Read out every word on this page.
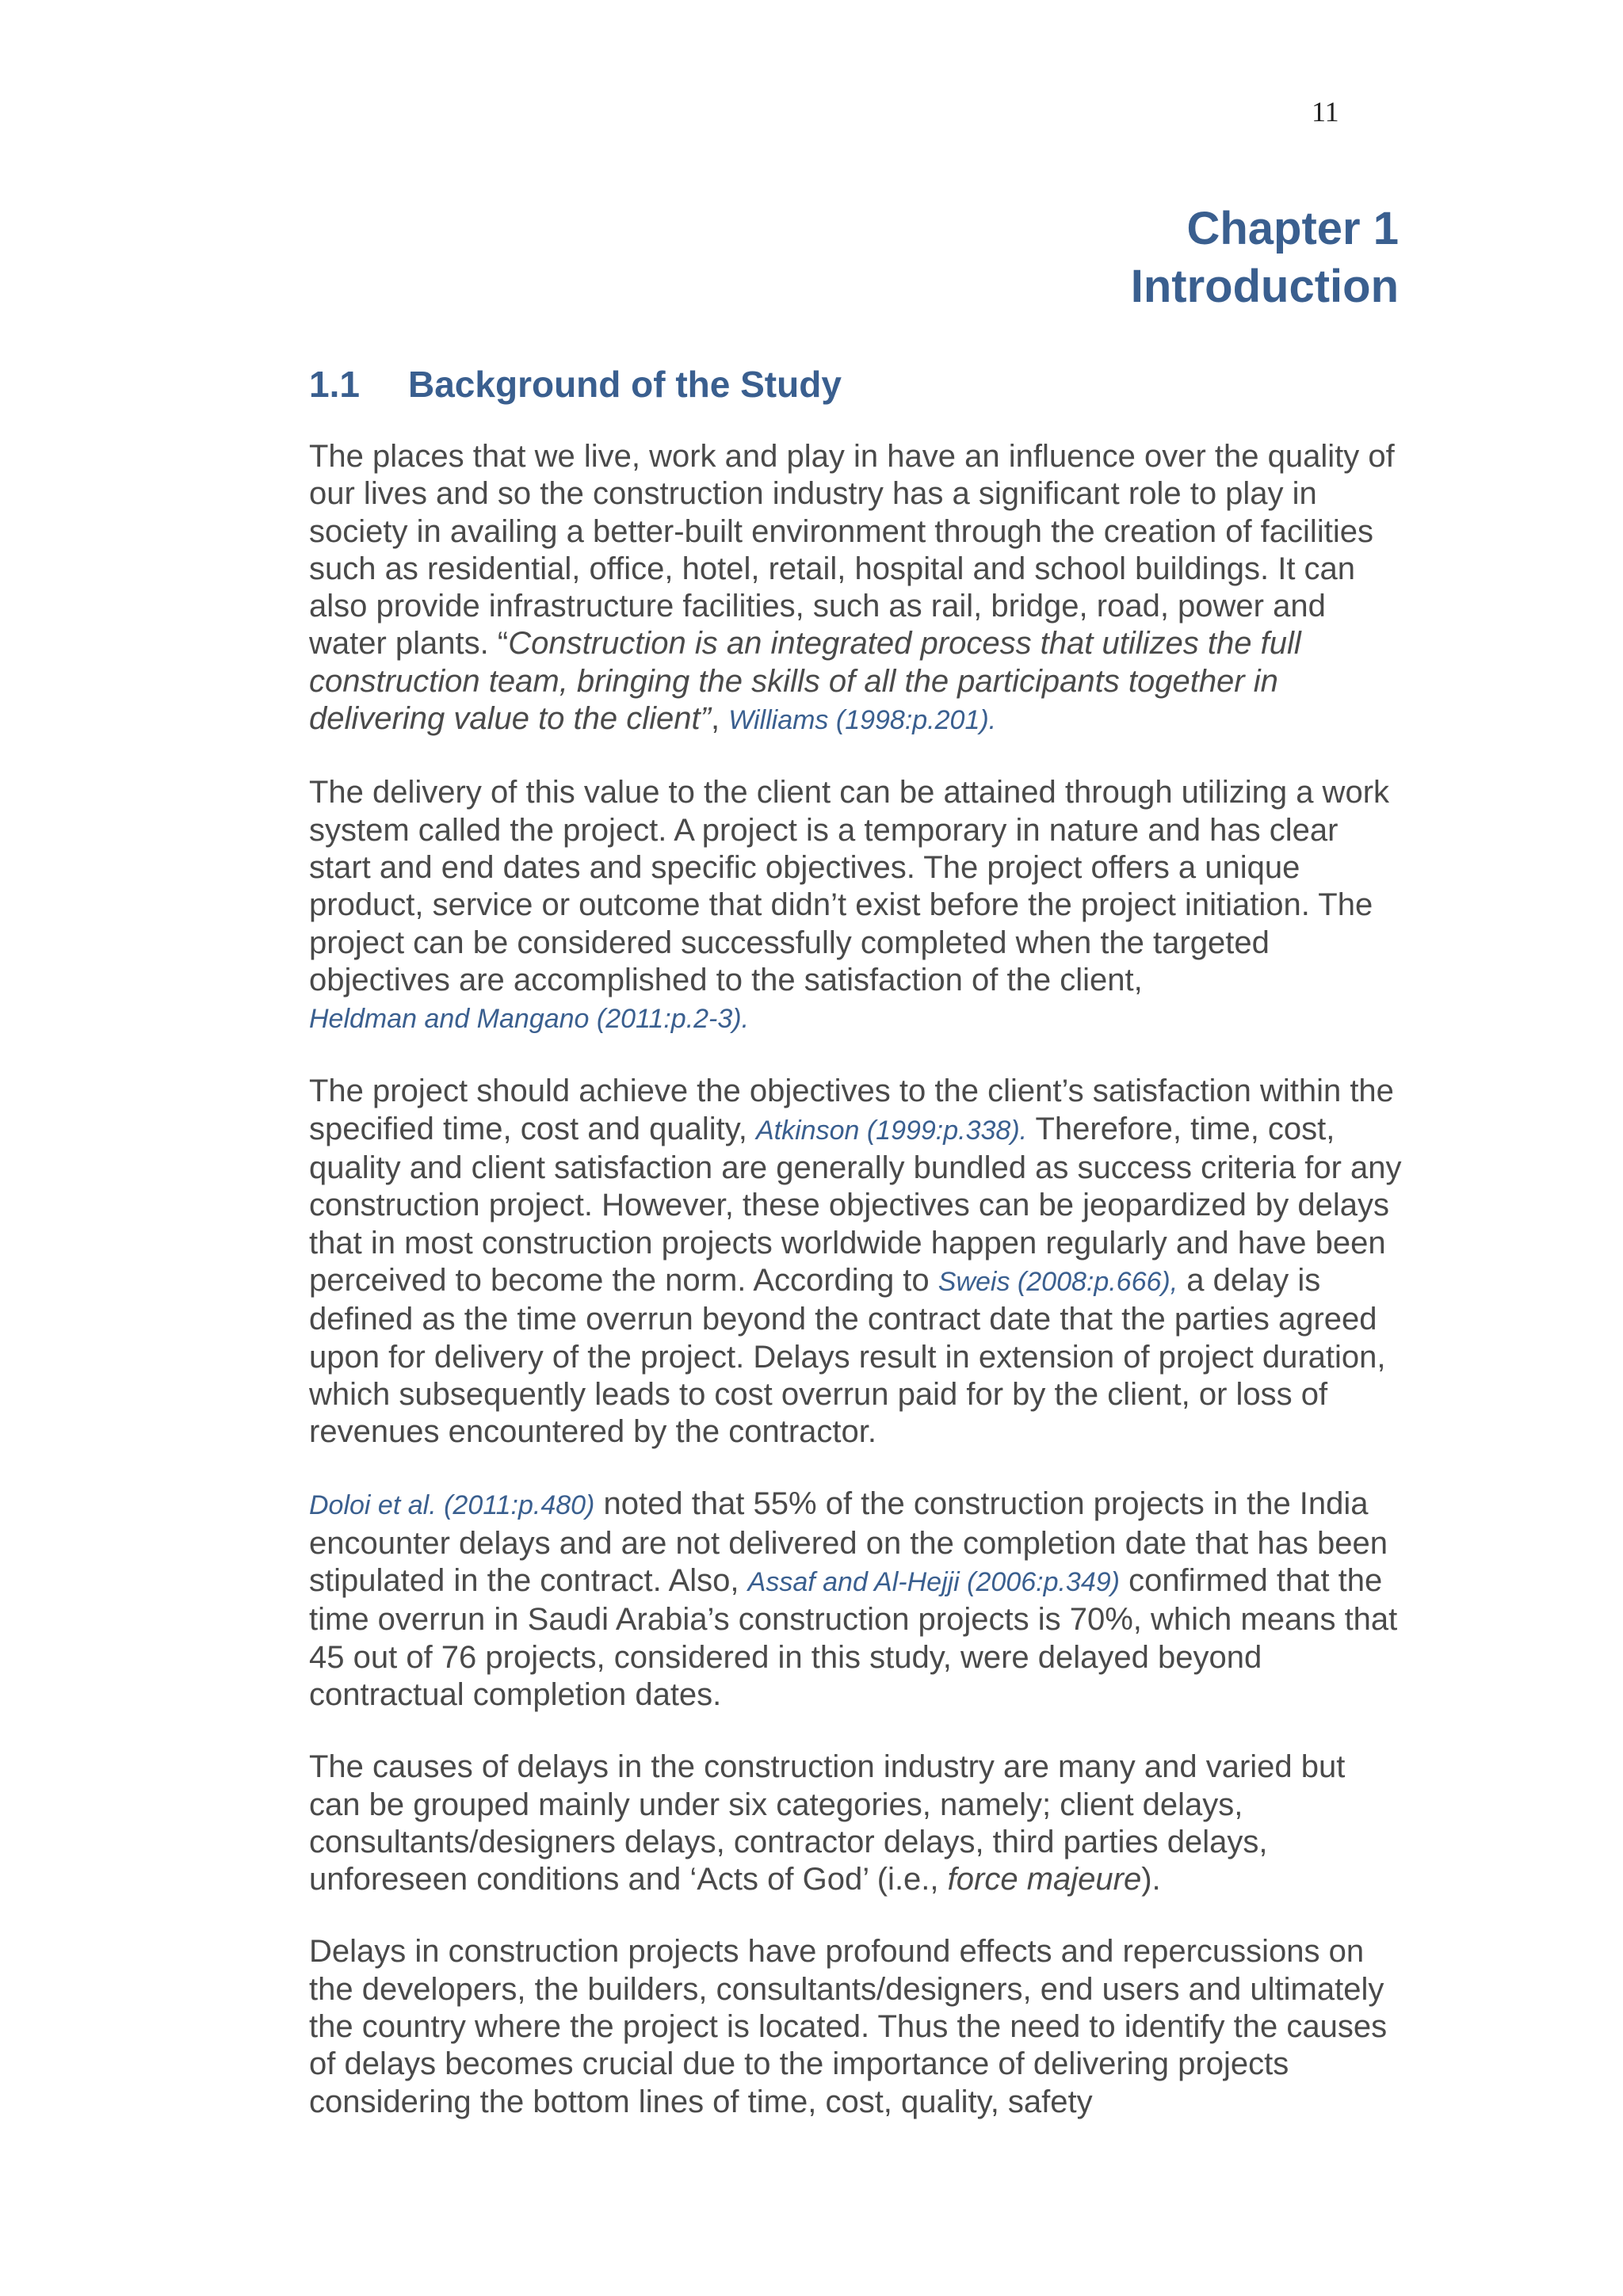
11
Chapter 1
Introduction
1.1 Background of the Study

The places that we live, work and play in have an influence over the quality of our lives and so the construction industry has a significant role to play in society in availing a better-built environment through the creation of facilities such as residential, office, hotel, retail, hospital and school buildings. It can also provide infrastructure facilities, such as rail, bridge, road, power and water plants. “Construction is an integrated process that utilizes the full construction team, bringing the skills of all the participants together in delivering value to the client”, Williams (1998:p.201).

The delivery of this value to the client can be attained through utilizing a work system called the project. A project is a temporary in nature and has clear start and end dates and specific objectives. The project offers a unique product, service or outcome that didn’t exist before the project initiation. The project can be considered successfully completed when the targeted objectives are accomplished to the satisfaction of the client,
Heldman and Mangano (2011:p.2-3).

The project should achieve the objectives to the client’s satisfaction within the specified time, cost and quality, Atkinson (1999:p.338). Therefore, time, cost, quality and client satisfaction are generally bundled as success criteria for any construction project. However, these objectives can be jeopardized by delays that in most construction projects worldwide happen regularly and have been perceived to become the norm. According to Sweis (2008:p.666), a delay is defined as the time overrun beyond the contract date that the parties agreed upon for delivery of the project. Delays result in extension of project duration, which subsequently leads to cost overrun paid for by the client, or loss of revenues encountered by the contractor.

Doloi et al. (2011:p.480) noted that 55% of the construction projects in the India encounter delays and are not delivered on the completion date that has been stipulated in the contract. Also, Assaf and Al-Hejji (2006:p.349) confirmed that the time overrun in Saudi Arabia’s construction projects is 70%, which means that 45 out of 76 projects, considered in this study, were delayed beyond contractual completion dates.

The causes of delays in the construction industry are many and varied but can be grouped mainly under six categories, namely; client delays, consultants/designers delays, contractor delays, third parties delays, unforeseen conditions and ‘Acts of God’ (i.e., force majeure).

Delays in construction projects have profound effects and repercussions on the developers, the builders, consultants/designers, end users and ultimately the country where the project is located. Thus the need to identify the causes of delays becomes crucial due to the importance of delivering projects considering the bottom lines of time, cost, quality, safety
